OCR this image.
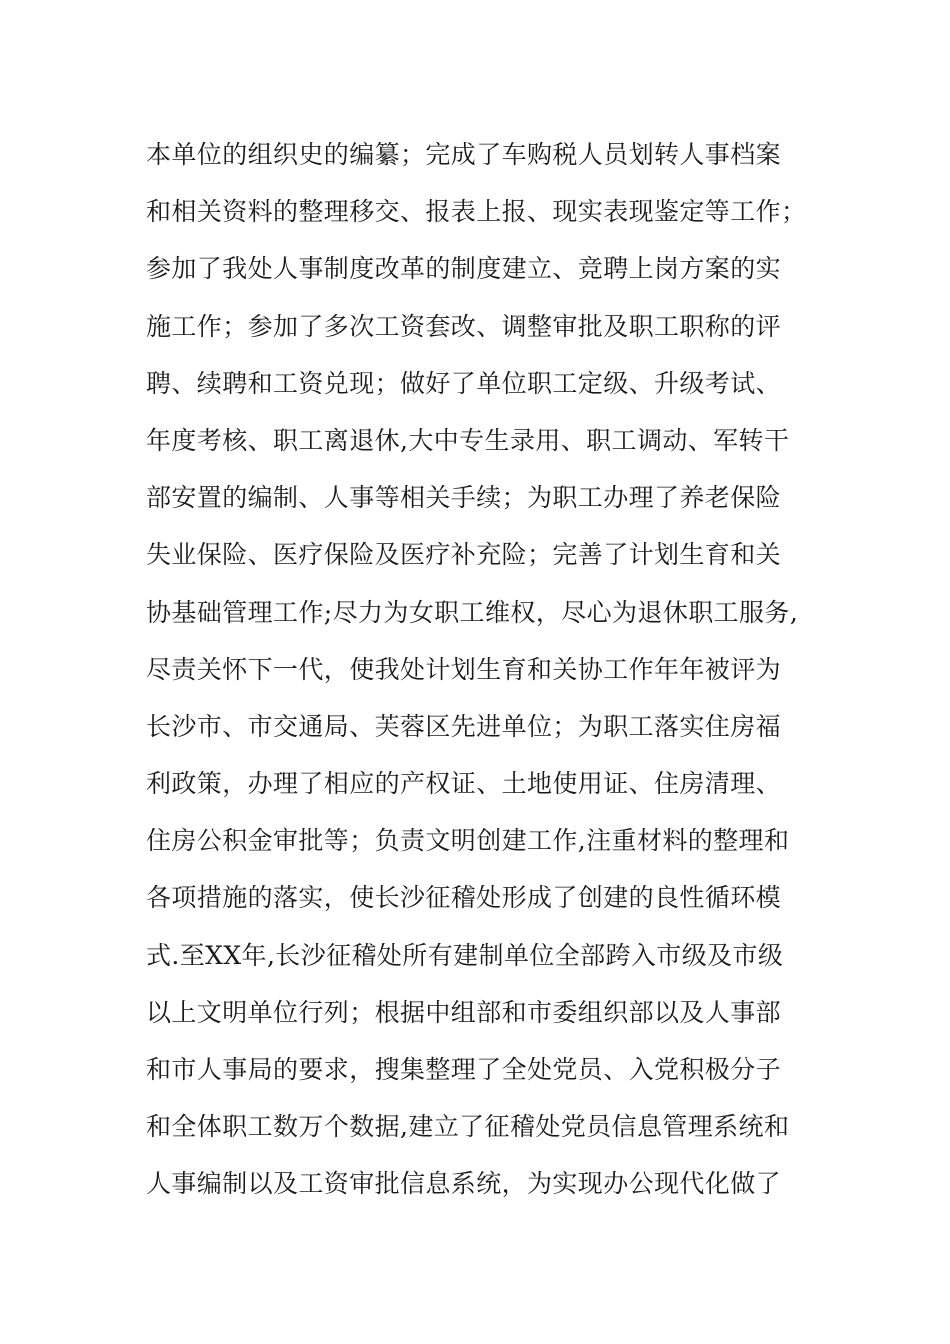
本单位的组织史的编纂；完成了车购税人员划转人事档案
和相关资料的整理移交、报表上报、现实表现鉴定等工作；
参加了我处人事制度改革的制度建立、竞聘上岗方案的实
施工作；参加了多次工资套改、调整审批及职工职称的评
聘、续聘和工资兑现；做好了单位职工定级、升级考试、
年度考核、职工离退休,大中专生录用、职工调动、军转干
部安置的编制、人事等相关手续；为职工办理了养老保险
失业保险、医疗保险及医疗补充险；完善了计划生育和关
协基础管理工作;尽力为女职工维权，尽心为退休职工服务,
尽责关怀下一代，使我处计划生育和关协工作年年被评为
长沙市、市交通局、芙蓉区先进单位；为职工落实住房福
利政策，办理了相应的产权证、土地使用证、住房清理、
住房公积金审批等；负责文明创建工作,注重材料的整理和
各项措施的落实，使长沙征稽处形成了创建的良性循环模
式.至XX年,长沙征稽处所有建制单位全部跨入市级及市级
以上文明单位行列；根据中组部和市委组织部以及人事部
和市人事局的要求，搜集整理了全处党员、入党积极分子
和全体职工数万个数据,建立了征稽处党员信息管理系统和
人事编制以及工资审批信息系统，为实现办公现代化做了
